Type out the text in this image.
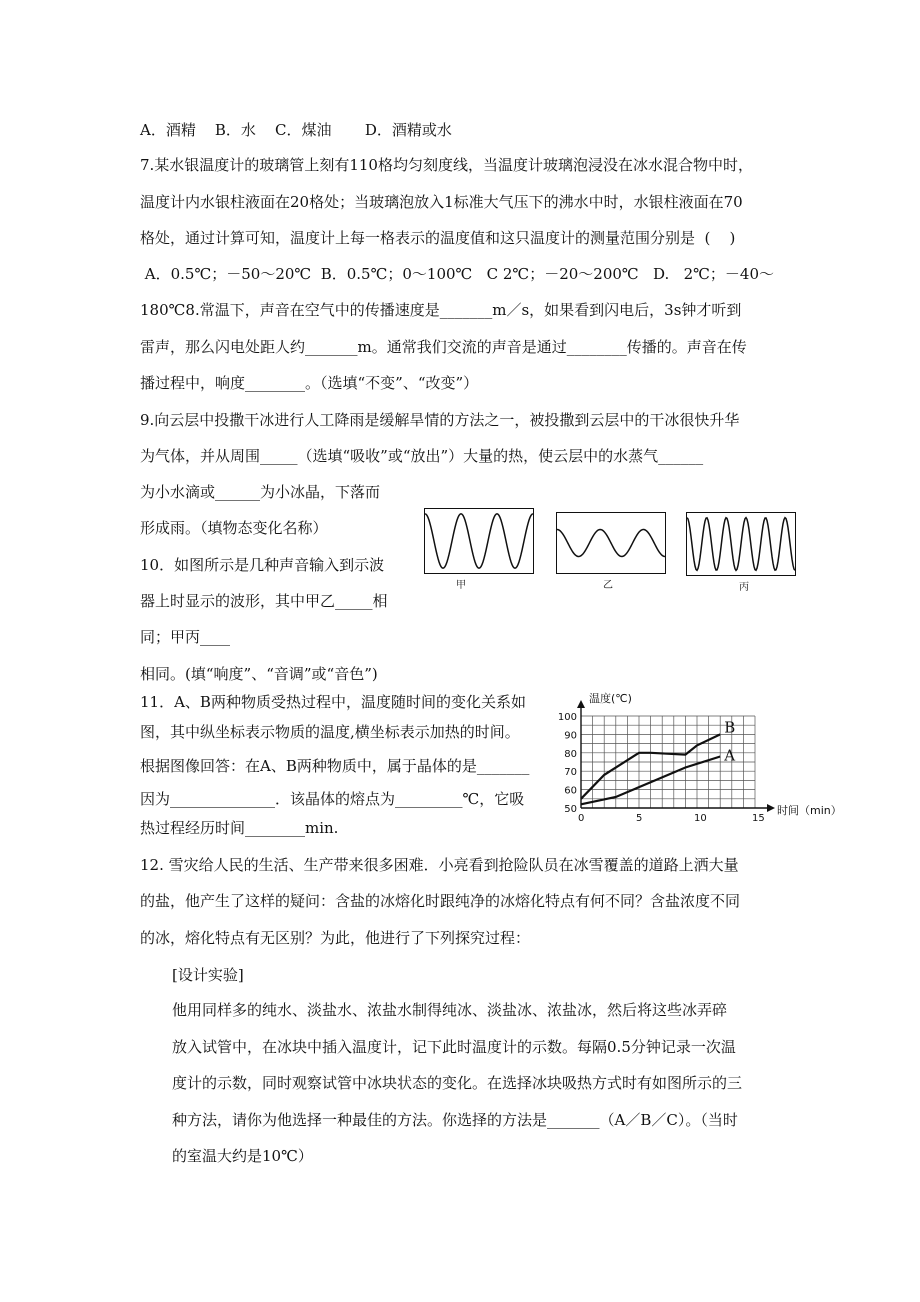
A．酒精    B．水    C．煤油       D．酒精或水
7.某水银温度计的玻璃管上刻有110格均匀刻度线，当温度计玻璃泡浸没在冰水混合物中时，
温度计内水银柱液面在20格处；当玻璃泡放入1标准大气压下的沸水中时，水银柱液面在70
格处，通过计算可知，温度计上每一格表示的温度值和这只温度计的测量范围分别是  (    )
A．0.5℃；－50～20℃  B．0.5℃；0～100℃   C 2℃；－20～200℃   D.   2℃；－40～
180℃8.常温下，声音在空气中的传播速度是_______m／s，如果看到闪电后，3s钟才听到
雷声，那么闪电处距人约_______m。通常我们交流的声音是通过________传播的。声音在传
播过程中，响度________。（选填“不变”、“改变”）
9.向云层中投撒干冰进行人工降雨是缓解旱情的方法之一，被投撒到云层中的干冰很快升华
为气体，并从周围_____（选填“吸收”或“放出”）大量的热，使云层中的水蒸气______
为小水滴或______为小冰晶，下落而
形成雨。（填物态变化名称）
10．如图所示是几种声音输入到示波
器上时显示的波形，其中甲乙_____相
同；甲丙____
相同。(填“响度”、“音调”或“音色”)
11．A、B两种物质受热过程中，温度随时间的变化关系如
图，其中纵坐标表示物质的温度,横坐标表示加热的时间。
根据图像回答：在A、B两种物质中，属于晶体的是_______
因为______________．该晶体的熔点为_________℃，它吸
热过程经历时间________min.
12. 雪灾给人民的生活、生产带来很多困难．小亮看到抢险队员在冰雪覆盖的道路上洒大量
的盐，他产生了这样的疑问：含盐的冰熔化时跟纯净的冰熔化特点有何不同？含盐浓度不同
的冰，熔化特点有无区别？为此，他进行了下列探究过程：
[设计实验]
他用同样多的纯水、淡盐水、浓盐水制得纯冰、淡盐冰、浓盐冰，然后将这些冰弄碎
放入试管中，在冰块中插入温度计，记下此时温度计的示数。每隔0.5分钟记录一次温
度计的示数，同时观察试管中冰块状态的变化。在选择冰块吸热方式时有如图所示的三
种方法，请你为他选择一种最佳的方法。你选择的方法是_______（A／B／C）。（当时
的室温大约是10℃）
甲	乙	丙
0	5	10	15
50
60
70
80
90
100
B
A
温度(℃)
时间（min）
